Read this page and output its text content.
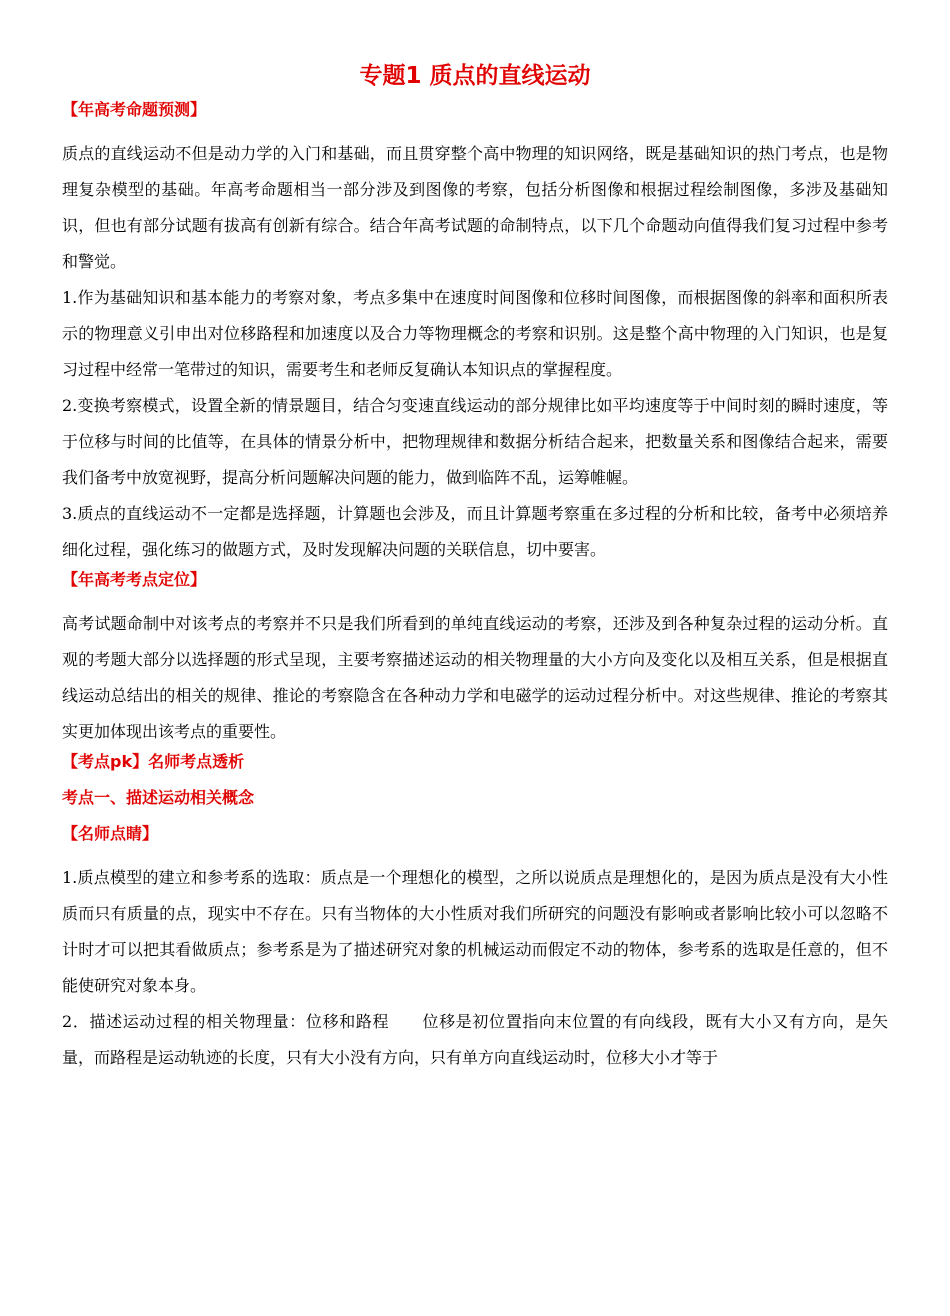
专题1 质点的直线运动
【年高考命题预测】
质点的直线运动不但是动力学的入门和基础，而且贯穿整个高中物理的知识网络，既是基础知识的热门考点，也是物理复杂模型的基础。年高考命题相当一部分涉及到图像的考察，包括分析图像和根据过程绘制图像，多涉及基础知识，但也有部分试题有拔高有创新有综合。结合年高考试题的命制特点，以下几个命题动向值得我们复习过程中参考和警觉。
1.作为基础知识和基本能力的考察对象，考点多集中在速度时间图像和位移时间图像，而根据图像的斜率和面积所表示的物理意义引申出对位移路程和加速度以及合力等物理概念的考察和识别。这是整个高中物理的入门知识，也是复习过程中经常一笔带过的知识，需要考生和老师反复确认本知识点的掌握程度。
2.变换考察模式，设置全新的情景题目，结合匀变速直线运动的部分规律比如平均速度等于中间时刻的瞬时速度，等于位移与时间的比值等，在具体的情景分析中，把物理规律和数据分析结合起来，把数量关系和图像结合起来，需要我们备考中放宽视野，提高分析问题解决问题的能力，做到临阵不乱，运筹帷幄。
3.质点的直线运动不一定都是选择题，计算题也会涉及，而且计算题考察重在多过程的分析和比较，备考中必须培养细化过程，强化练习的做题方式，及时发现解决问题的关联信息，切中要害。
【年高考考点定位】
高考试题命制中对该考点的考察并不只是我们所看到的单纯直线运动的考察，还涉及到各种复杂过程的运动分析。直观的考题大部分以选择题的形式呈现，主要考察描述运动的相关物理量的大小方向及变化以及相互关系，但是根据直线运动总结出的相关的规律、推论的考察隐含在各种动力学和电磁学的运动过程分析中。对这些规律、推论的考察其实更加体现出该考点的重要性。
【考点pk】名师考点透析
考点一、描述运动相关概念
【名师点睛】
1.质点模型的建立和参考系的选取：质点是一个理想化的模型，之所以说质点是理想化的，是因为质点是没有大小性质而只有质量的点，现实中不存在。只有当物体的大小性质对我们所研究的问题没有影响或者影响比较小可以忽略不计时才可以把其看做质点；参考系是为了描述研究对象的机械运动而假定不动的物体，参考系的选取是任意的，但不能使研究对象本身。
2．描述运动过程的相关物理量：位移和路程　　位移是初位置指向末位置的有向线段，既有大小又有方向，是矢量，而路程是运动轨迹的长度，只有大小没有方向，只有单方向直线运动时，位移大小才等于
